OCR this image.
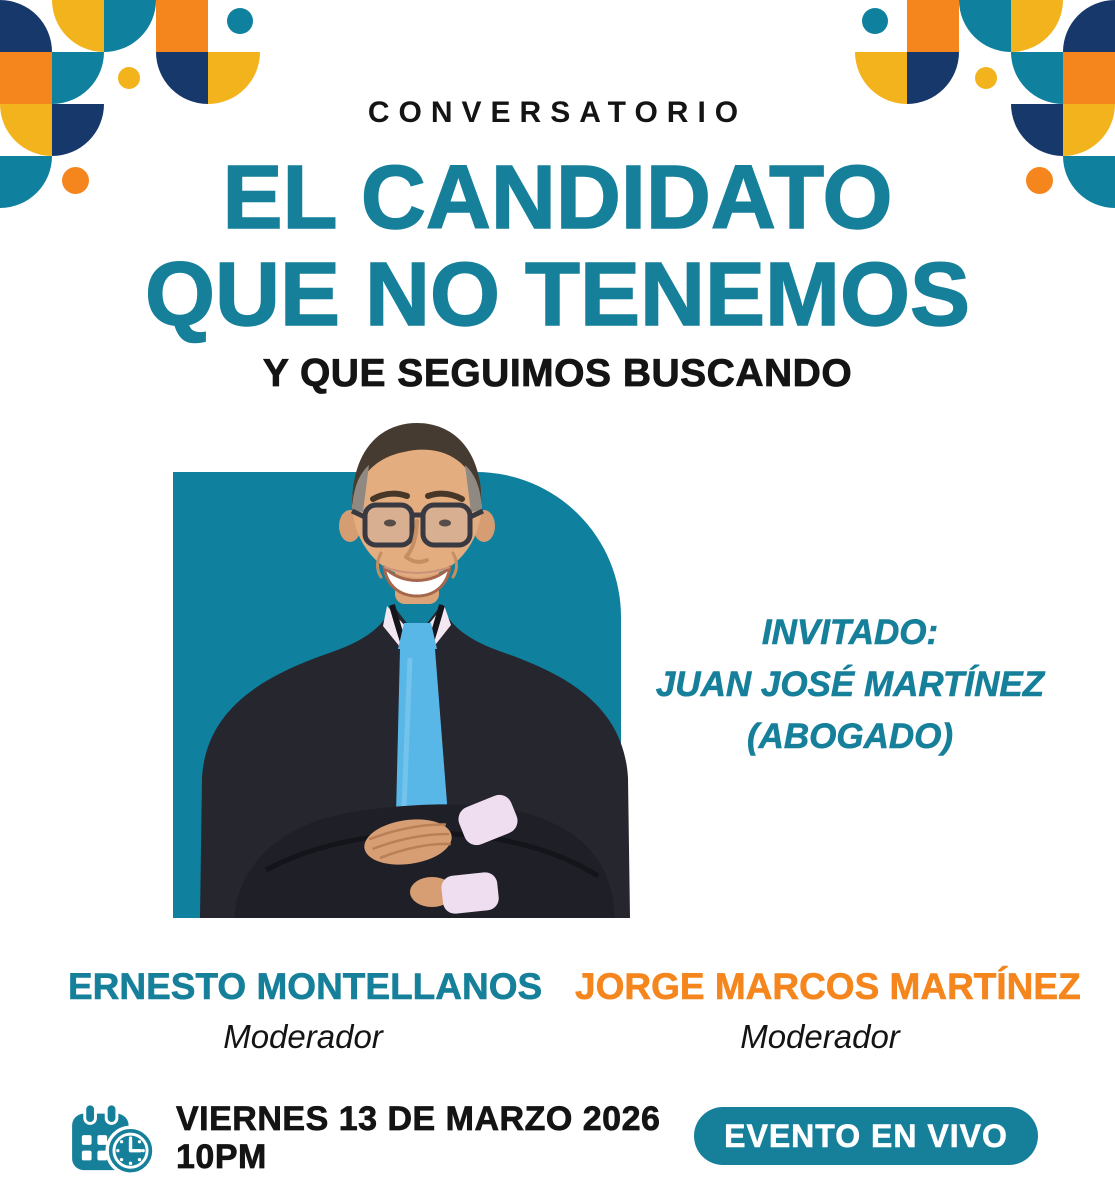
CONVERSATORIO
EL CANDIDATO
QUE NO TENEMOS
Y QUE SEGUIMOS BUSCANDO
INVITADO:
JUAN JOSÉ MARTÍNEZ
(ABOGADO)
ERNESTO MONTELLANOS
Moderador
JORGE MARCOS MARTÍNEZ
Moderador
VIERNES 13 DE MARZO 2026
10PM
EVENTO EN VIVO
